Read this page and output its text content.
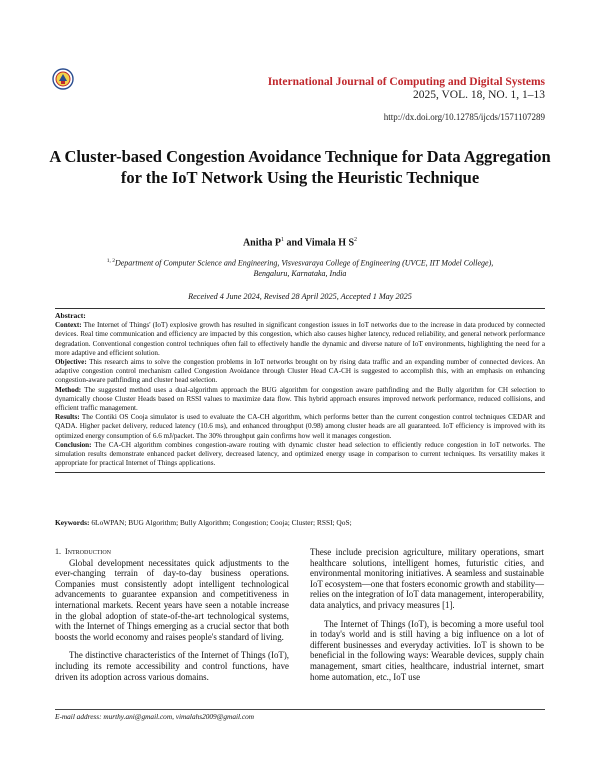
International Journal of Computing and Digital Systems
2025, VOL. 18, NO. 1, 1–13
http://dx.doi.org/10.12785/ijcds/1571107289
A Cluster-based Congestion Avoidance Technique for Data Aggregation for the IoT Network Using the Heuristic Technique
Anitha $P^1$ and Vimala H $S^2$
$^{1, 2}$Department of Computer Science and Engineering, Visvesvaraya College of Engineering (UVCE, IIT Model College), Bengaluru, Karnataka, India
Received 4 June 2024, Revised 28 April 2025, Accepted 1 May 2025

Abstract:

Context: The Internet of Things' (IoT) explosive growth has resulted in significant congestion issues in IoT networks due to the increase in data produced by connected devices. Real time communication and efficiency are impacted by this congestion, which also causes higher latency, reduced reliability, and general network performance degradation. Conventional congestion control techniques often fail to effectively handle the dynamic and diverse nature of IoT environments, highlighting the need for a more adaptive and efficient solution.

Objective: This research aims to solve the congestion problems in IoT networks brought on by rising data traffic and an expanding number of connected devices. An adaptive congestion control mechanism called Congestion Avoidance through Cluster Head CA-CH is suggested to accomplish this, with an emphasis on enhancing congestion-aware pathfinding and cluster head selection.

Method: The suggested method uses a dual-algorithm approach the BUG algorithm for congestion aware pathfinding and the Bully algorithm for CH selection to dynamically choose Cluster Heads based on RSSI values to maximize data flow. This hybrid approach ensures improved network performance, reduced collisions, and efficient traffic management.

Results: The Contiki OS Cooja simulator is used to evaluate the CA-CH algorithm, which performs better than the current congestion control techniques CEDAR and QADA. Higher packet delivery, reduced latency (10.6 ms), and enhanced throughput (0.98) among cluster heads are all guaranteed. IoT efficiency is improved with its optimized energy consumption of 6.6 mJ/packet. The 30% throughput gain confirms how well it manages congestion.

Conclusion: The CA-CH algorithm combines congestion-aware routing with dynamic cluster head selection to efficiently reduce congestion in IoT networks. The simulation results demonstrate enhanced packet delivery, decreased latency, and optimized energy usage in comparison to current techniques. Its versatility makes it appropriate for practical Internet of Things applications.

Keywords: 6LoWPAN; BUG Algorithm; Bully Algorithm; Congestion; Cooja; Cluster; RSSI; QoS;

1. Introduction

Global development necessitates quick adjustments to the ever-changing terrain of day-to-day business operations. Companies must consistently adopt intelligent technological advancements to guarantee expansion and competitiveness in international markets. Recent years have seen a notable increase in the global adoption of state-of-the-art technological systems, with the Internet of Things emerging as a crucial sector that both boosts the world economy and raises people's standard of living.

The distinctive characteristics of the Internet of Things (IoT), including its remote accessibility and control functions, have driven its adoption across various domains.

These include precision agriculture, military operations, smart healthcare solutions, intelligent homes, futuristic cities, and environmental monitoring initiatives. A seamless and sustainable IoT ecosystem—one that fosters economic growth and stability—relies on the integration of IoT data management, interoperability, data analytics, and privacy measures [1].

The Internet of Things (IoT), is becoming a more useful tool in today's world and is still having a big influence on a lot of different businesses and everyday activities. IoT is shown to be beneficial in the following ways: Wearable devices, supply chain management, smart cities, healthcare, industrial internet, smart home automation, etc., IoT use

E-mail address: murthy.ani@gmail.com, vimalahs2009@gmail.com
